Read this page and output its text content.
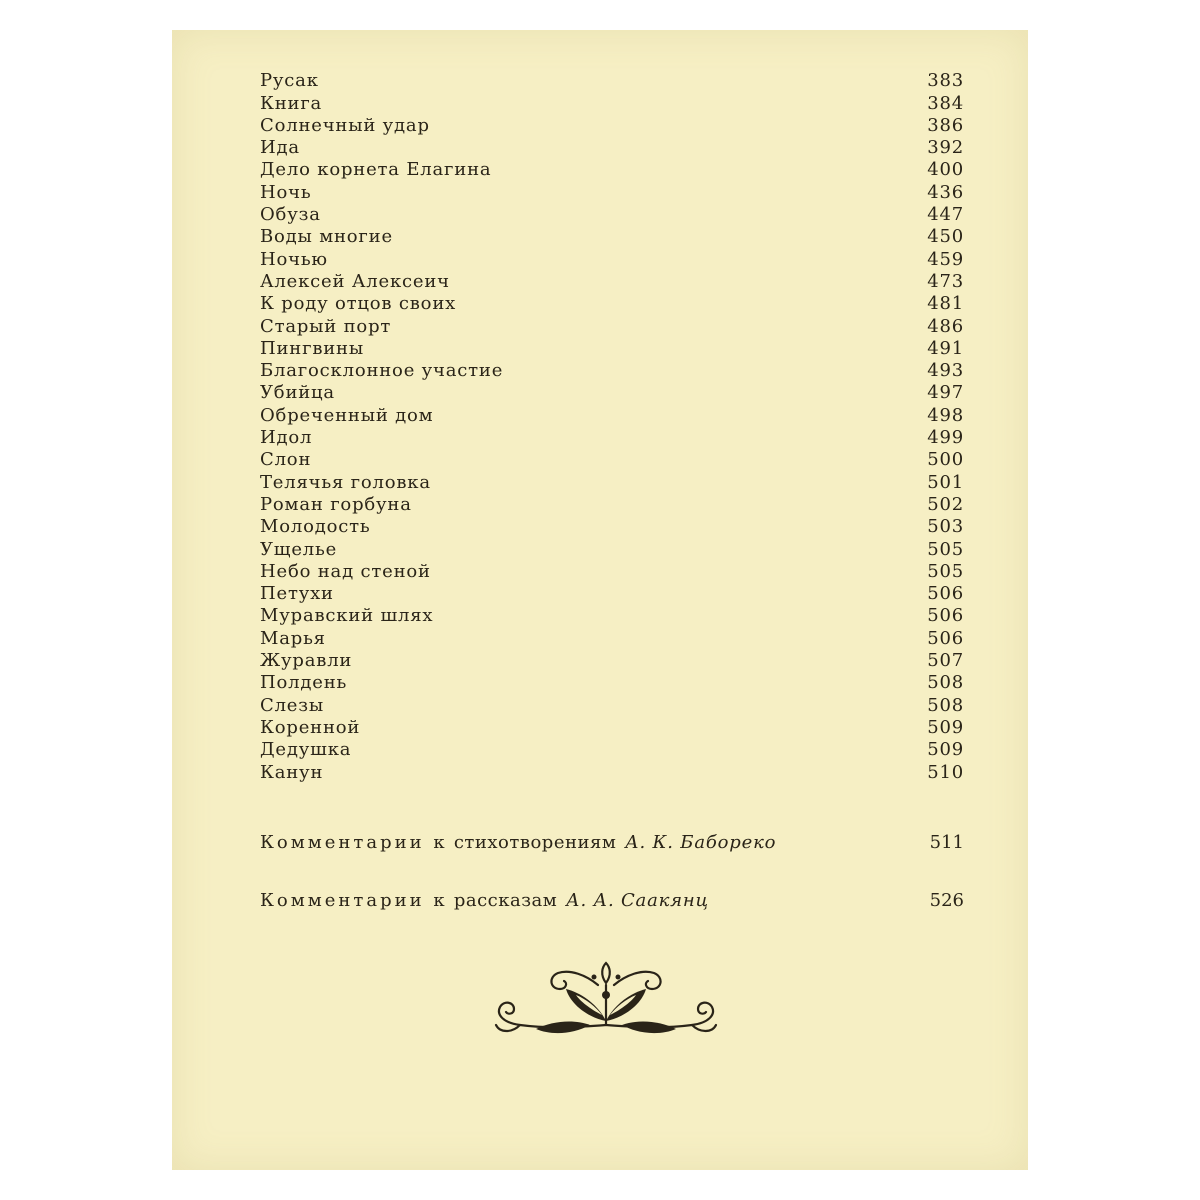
Русак	383
Книга	384
Солнечный удар	386
Ида	392
Дело корнета Елагина	400
Ночь	436
Обуза	447
Воды многие	450
Ночью	459
Алексей Алексеич	473
К роду отцов своих	481
Старый порт	486
Пингвины	491
Благосклонное участие	493
Убийца	497
Обреченный дом	498
Идол	499
Слон	500
Телячья головка	501
Роман горбуна	502
Молодость	503
Ущелье	505
Небо над стеной	505
Петухи	506
Муравский шлях	506
Марья	506
Журавли	507
Полдень	508
Слезы	508
Коренной	509
Дедушка	509
Канун	510
Комментарии к стихотворениям А. К. Бабореко	511
Комментарии к рассказам А. А. Саакянц	526
